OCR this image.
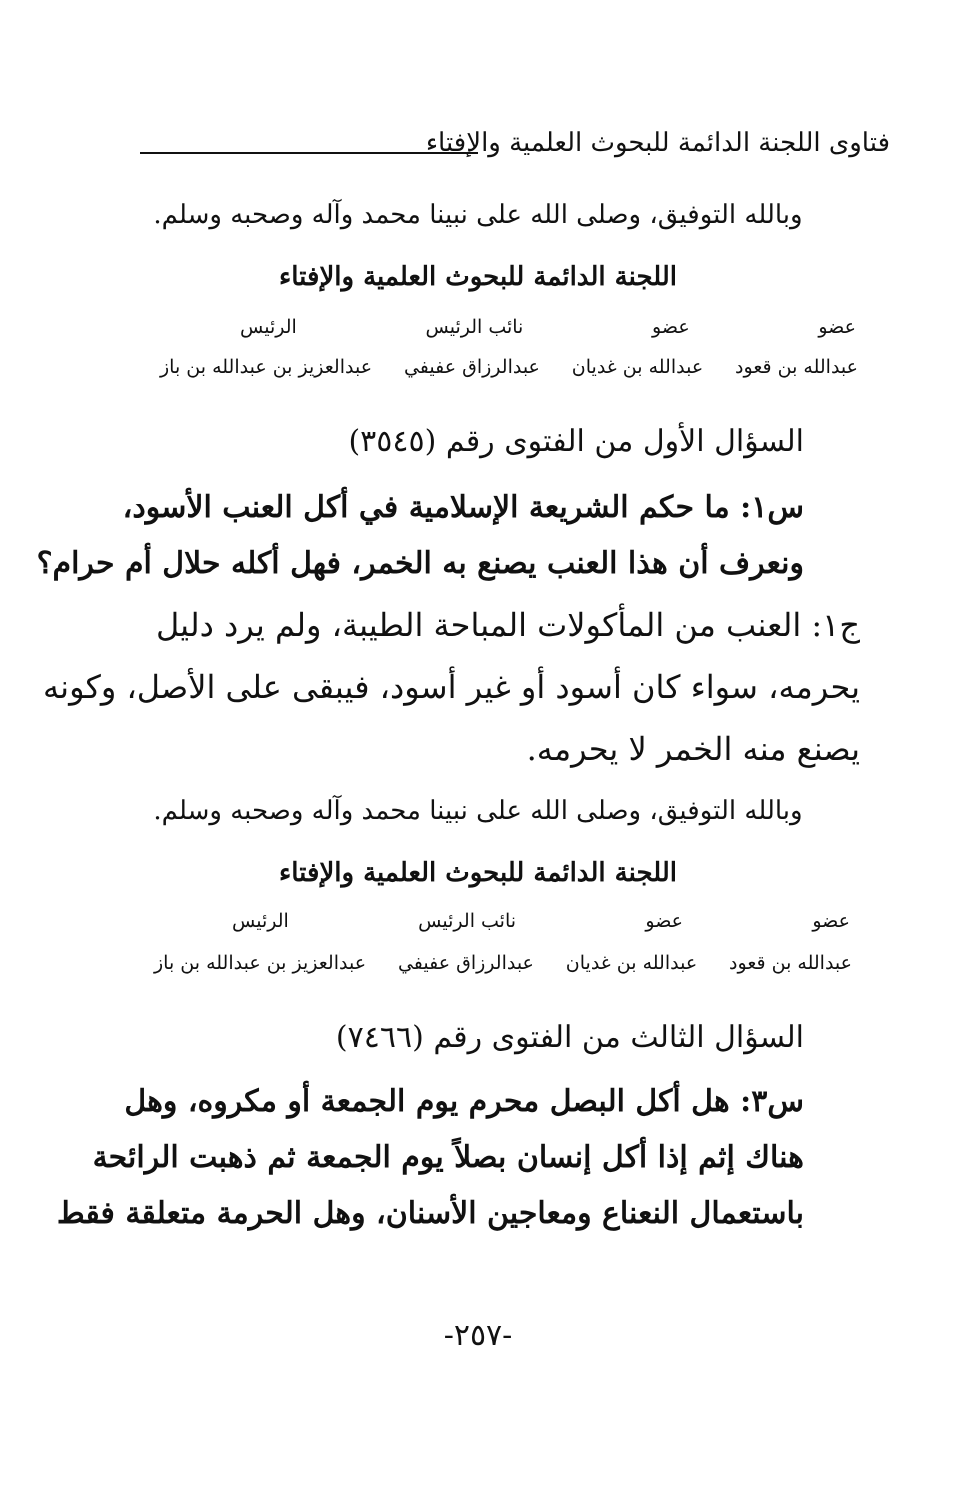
فتاوى اللجنة الدائمة للبحوث العلمية والإفتاء
وبالله التوفيق، وصلى الله على نبينا محمد وآله وصحبه وسلم.
اللجنة الدائمة للبحوث العلمية والإفتاء
عضو
عضو
نائب الرئيس
الرئيس
عبدالله بن قعود
عبدالله بن غديان
عبدالرزاق عفيفي
عبدالعزيز بن عبدالله بن باز
السؤال الأول من الفتوى رقم (٣٥٤٥)
س١: ما حكم الشريعة الإسلامية في أكل العنب الأسود،
ونعرف أن هذا العنب يصنع به الخمر، فهل أكله حلال أم حرام؟
ج١: العنب من المأكولات المباحة الطيبة، ولم يرد دليل
يحرمه، سواء كان أسود أو غير أسود، فيبقى على الأصل، وكونه
يصنع منه الخمر لا يحرمه.
وبالله التوفيق، وصلى الله على نبينا محمد وآله وصحبه وسلم.
اللجنة الدائمة للبحوث العلمية والإفتاء
عضو
عضو
نائب الرئيس
الرئيس
عبدالله بن قعود
عبدالله بن غديان
عبدالرزاق عفيفي
عبدالعزيز بن عبدالله بن باز
السؤال الثالث من الفتوى رقم (٧٤٦٦)
س٣: هل أكل البصل محرم يوم الجمعة أو مكروه، وهل
هناك إثم إذا أكل إنسان بصلاً يوم الجمعة ثم ذهبت الرائحة
باستعمال النعناع ومعاجين الأسنان، وهل الحرمة متعلقة فقط
-٢٥٧-
